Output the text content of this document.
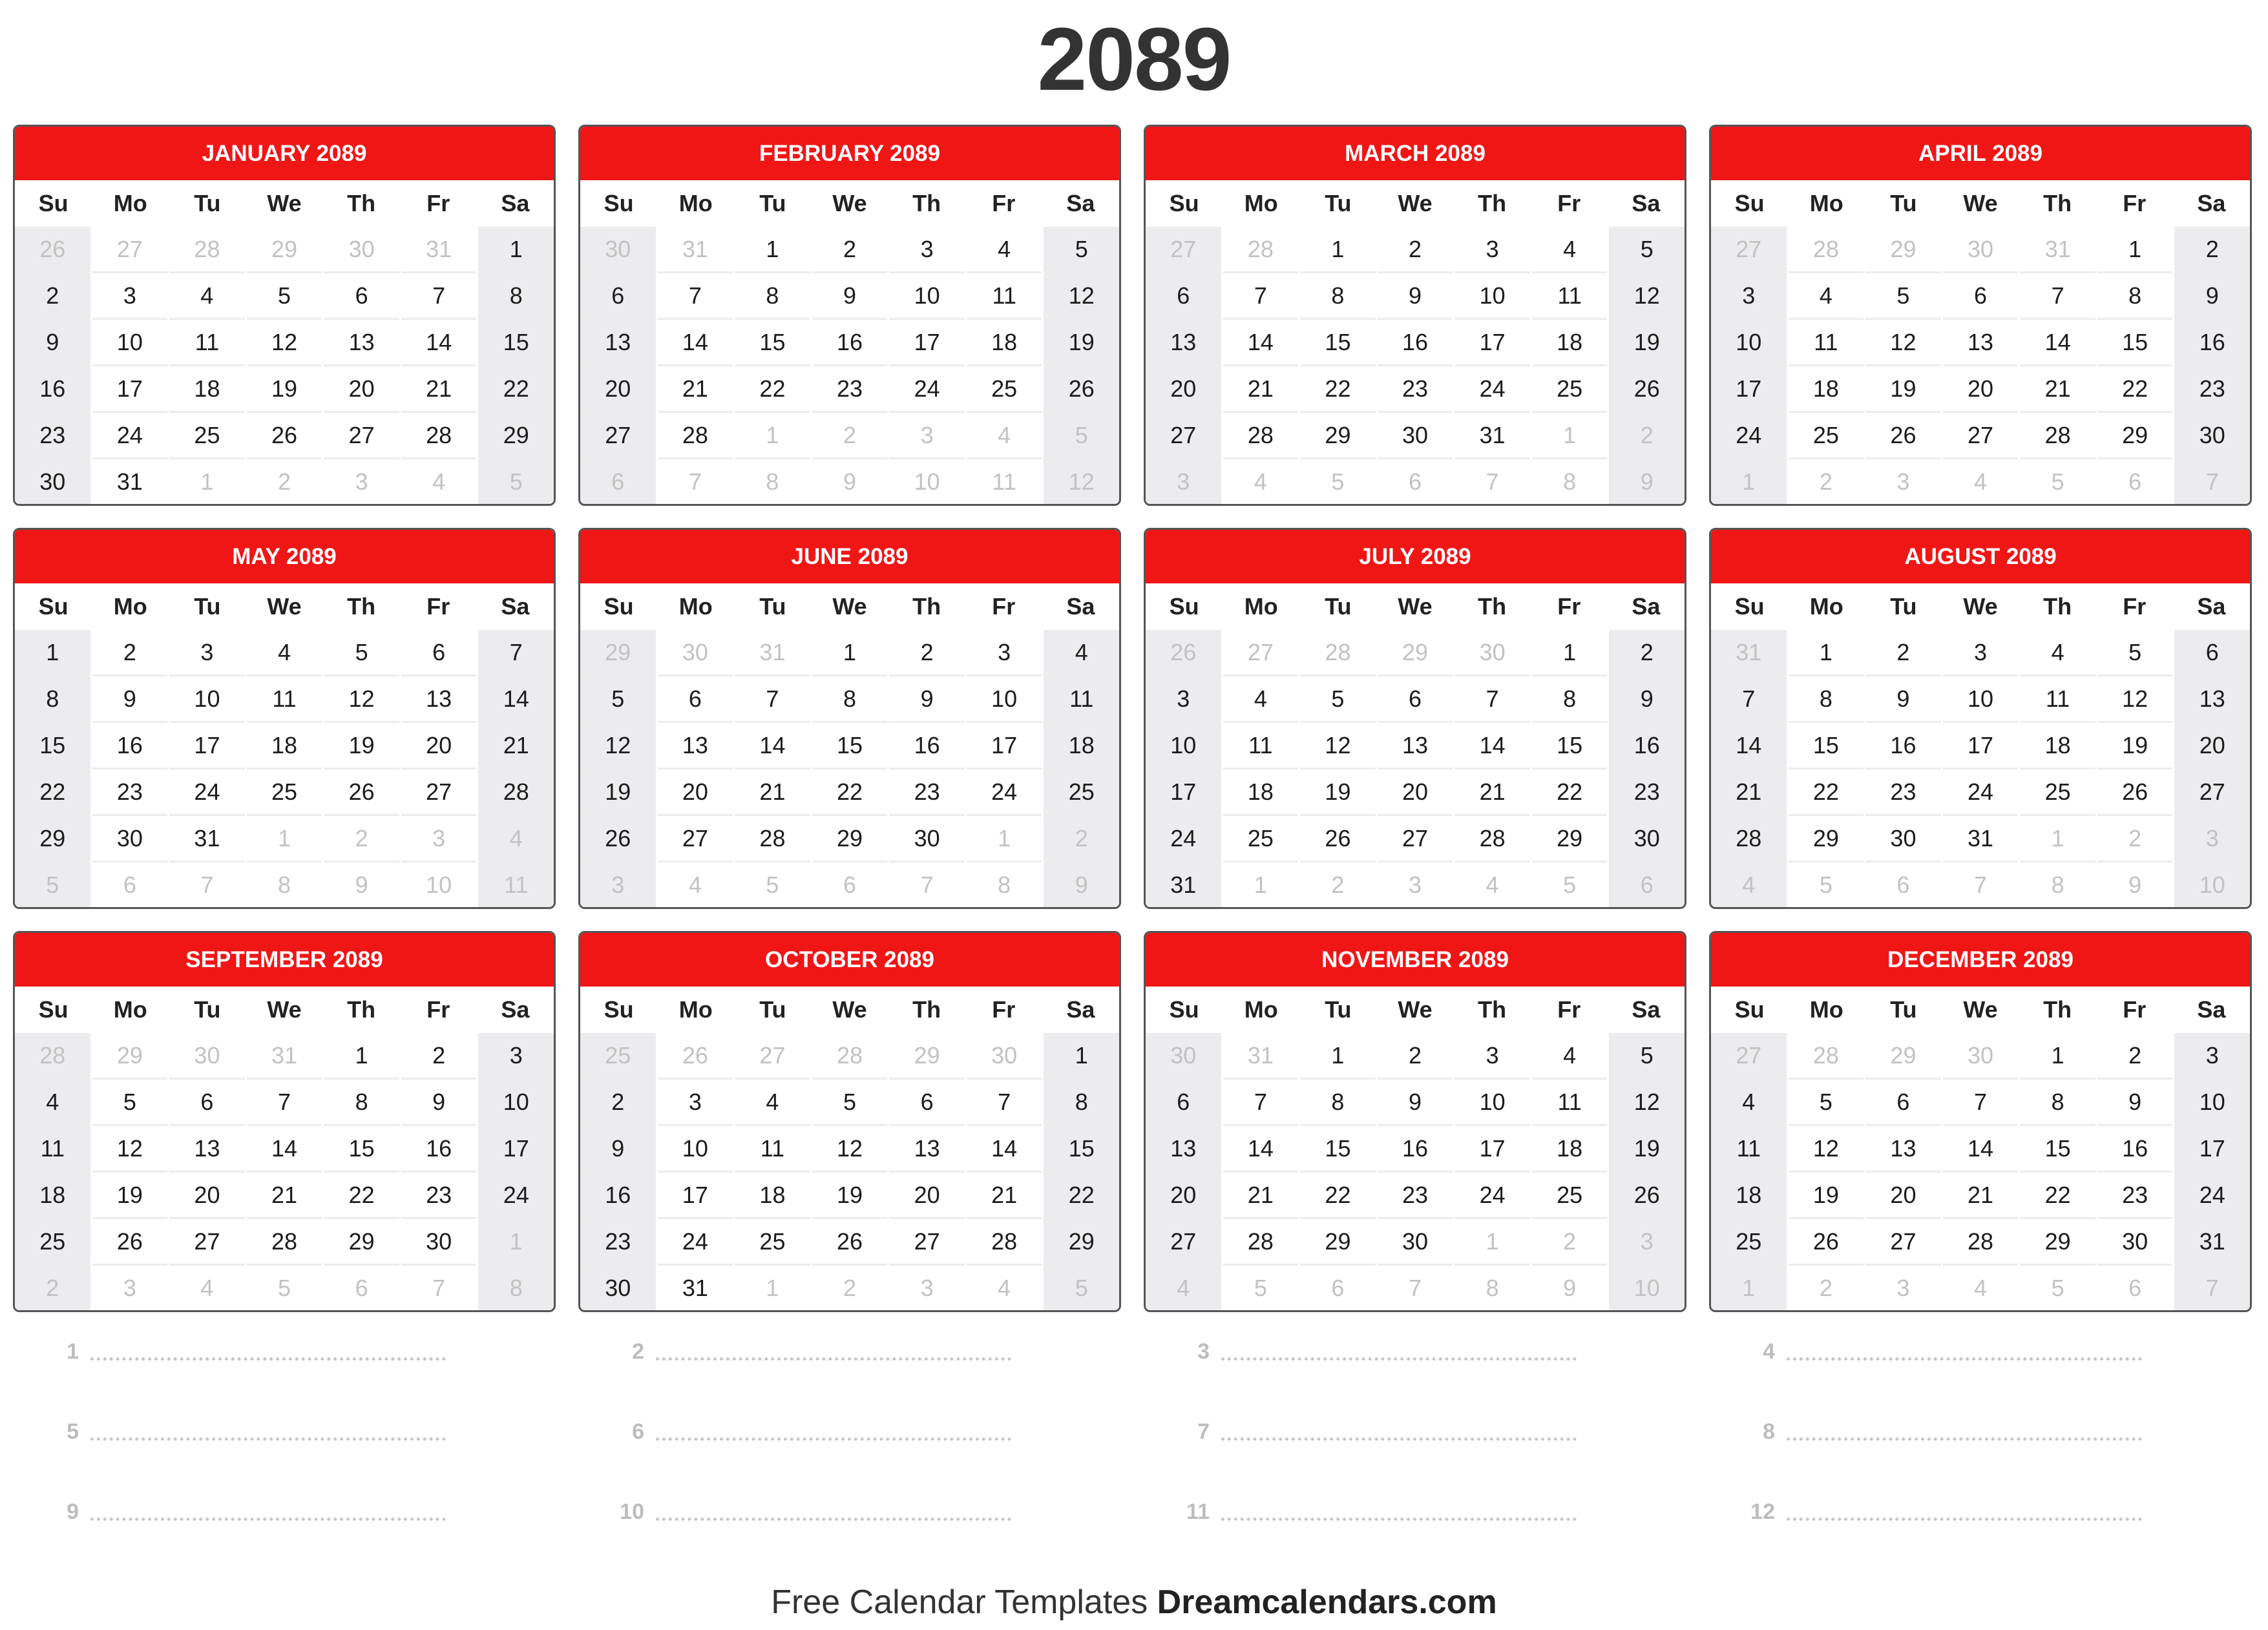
2089
JANUARY 2089
Su	Mo	Tu	We	Th	Fr	Sa
26	27	28	29	30	31	1
2	3	4	5	6	7	8
9	10	11	12	13	14	15
16	17	18	19	20	21	22
23	24	25	26	27	28	29
30	31	1	2	3	4	5
FEBRUARY 2089
Su	Mo	Tu	We	Th	Fr	Sa
30	31	1	2	3	4	5
6	7	8	9	10	11	12
13	14	15	16	17	18	19
20	21	22	23	24	25	26
27	28	1	2	3	4	5
6	7	8	9	10	11	12
MARCH 2089
Su	Mo	Tu	We	Th	Fr	Sa
27	28	1	2	3	4	5
6	7	8	9	10	11	12
13	14	15	16	17	18	19
20	21	22	23	24	25	26
27	28	29	30	31	1	2
3	4	5	6	7	8	9
APRIL 2089
Su	Mo	Tu	We	Th	Fr	Sa
27	28	29	30	31	1	2
3	4	5	6	7	8	9
10	11	12	13	14	15	16
17	18	19	20	21	22	23
24	25	26	27	28	29	30
1	2	3	4	5	6	7
MAY 2089
Su	Mo	Tu	We	Th	Fr	Sa
1	2	3	4	5	6	7
8	9	10	11	12	13	14
15	16	17	18	19	20	21
22	23	24	25	26	27	28
29	30	31	1	2	3	4
5	6	7	8	9	10	11
JUNE 2089
Su	Mo	Tu	We	Th	Fr	Sa
29	30	31	1	2	3	4
5	6	7	8	9	10	11
12	13	14	15	16	17	18
19	20	21	22	23	24	25
26	27	28	29	30	1	2
3	4	5	6	7	8	9
JULY 2089
Su	Mo	Tu	We	Th	Fr	Sa
26	27	28	29	30	1	2
3	4	5	6	7	8	9
10	11	12	13	14	15	16
17	18	19	20	21	22	23
24	25	26	27	28	29	30
31	1	2	3	4	5	6
AUGUST 2089
Su	Mo	Tu	We	Th	Fr	Sa
31	1	2	3	4	5	6
7	8	9	10	11	12	13
14	15	16	17	18	19	20
21	22	23	24	25	26	27
28	29	30	31	1	2	3
4	5	6	7	8	9	10
SEPTEMBER 2089
Su	Mo	Tu	We	Th	Fr	Sa
28	29	30	31	1	2	3
4	5	6	7	8	9	10
11	12	13	14	15	16	17
18	19	20	21	22	23	24
25	26	27	28	29	30	1
2	3	4	5	6	7	8
OCTOBER 2089
Su	Mo	Tu	We	Th	Fr	Sa
25	26	27	28	29	30	1
2	3	4	5	6	7	8
9	10	11	12	13	14	15
16	17	18	19	20	21	22
23	24	25	26	27	28	29
30	31	1	2	3	4	5
NOVEMBER 2089
Su	Mo	Tu	We	Th	Fr	Sa
30	31	1	2	3	4	5
6	7	8	9	10	11	12
13	14	15	16	17	18	19
20	21	22	23	24	25	26
27	28	29	30	1	2	3
4	5	6	7	8	9	10
DECEMBER 2089
Su	Mo	Tu	We	Th	Fr	Sa
27	28	29	30	1	2	3
4	5	6	7	8	9	10
11	12	13	14	15	16	17
18	19	20	21	22	23	24
25	26	27	28	29	30	31
1	2	3	4	5	6	7
1	2	3	4
5	6	7	8
9	10	11	12
Free Calendar Templates Dreamcalendars.com
